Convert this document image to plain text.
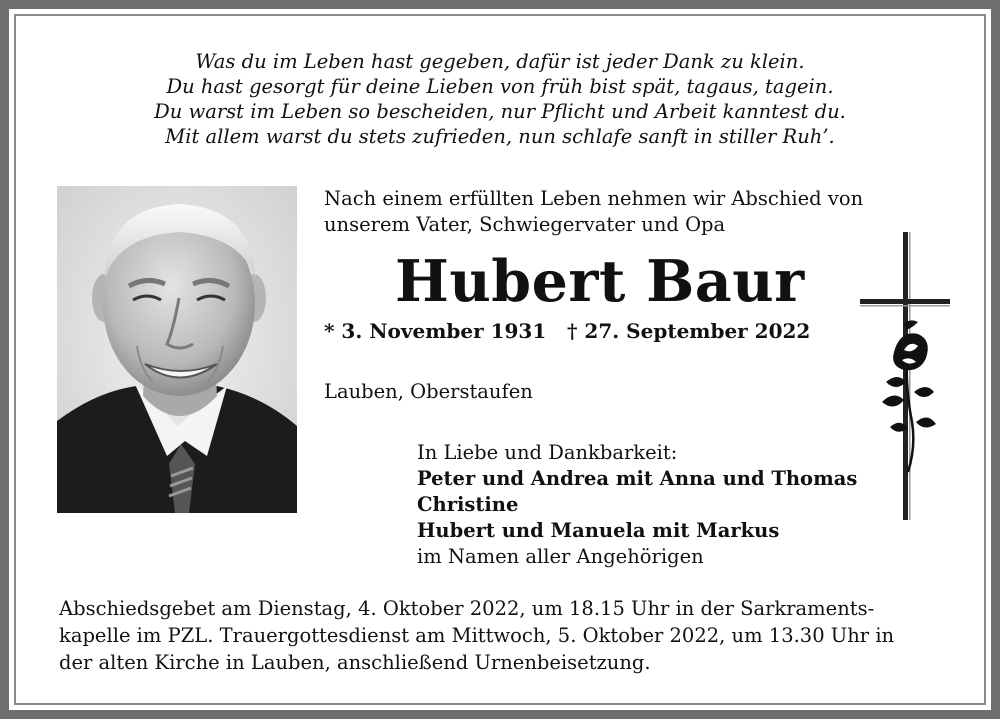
Was du im Leben hast gegeben, dafür ist jeder Dank zu klein.
Du hast gesorgt für deine Lieben von früh bist spät, tagaus, tagein.
Du warst im Leben so bescheiden, nur Pflicht und Arbeit kanntest du.
Mit allem warst du stets zufrieden, nun schlafe sanft in stiller Ruh’.
Nach einem erfüllten Leben nehmen wir Abschied von
unserem Vater, Schwiegervater und Opa
Hubert Baur
* 3. November 1931 † 27. September 2022
Lauben, Oberstaufen
In Liebe und Dankbarkeit:
Peter und Andrea mit Anna und Thomas
Christine
Hubert und Manuela mit Markus
im Namen aller Angehörigen
Abschiedsgebet am Dienstag, 4. Oktober 2022, um 18.15 Uhr in der Sarkraments-
kapelle im PZL. Trauergottesdienst am Mittwoch, 5. Oktober 2022, um 13.30 Uhr in
der alten Kirche in Lauben, anschließend Urnenbeisetzung.
